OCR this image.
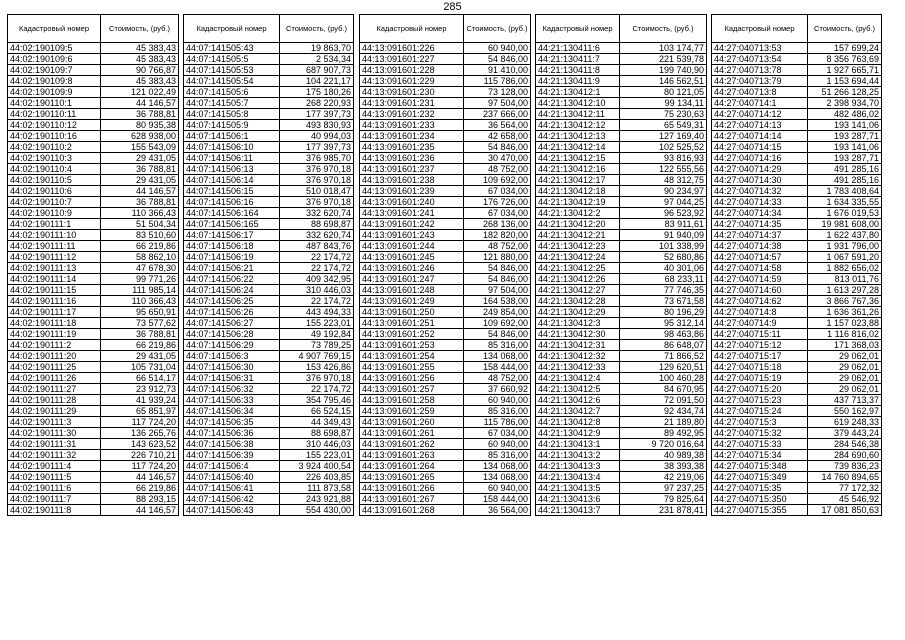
285
Кадастровый номер	Стоимость, (руб.)
44:02:190109:5	45 383,43
44:02:190109:6	45 383,43
44:02:190109:7	90 766,87
44:02:190109:8	45 383,43
44:02:190109:9	121 022,49
44:02:190110:1	44 146,57
44:02:190110:11	36 788,81
44:02:190110:12	80 935,38
44:02:190110:16	628 938,00
44:02:190110:2	155 543,09
44:02:190110:3	29 431,05
44:02:190110:4	36 788,81
44:02:190110:5	29 431,05
44:02:190110:6	44 146,57
44:02:190110:7	36 788,81
44:02:190110:9	110 366,43
44:02:190111:1	51 504,34
44:02:190111:10	83 510,60
44:02:190111:11	66 219,86
44:02:190111:12	58 862,10
44:02:190111:13	47 678,30
44:02:190111:14	99 771,26
44:02:190111:15	111 985,14
44:02:190111:16	110 366,43
44:02:190111:17	95 650,91
44:02:190111:18	73 577,62
44:02:190111:19	36 788,81
44:02:190111:2	66 219,86
44:02:190111:20	29 431,05
44:02:190111:25	105 731,04
44:02:190111:26	66 514,17
44:02:190111:27	23 912,73
44:02:190111:28	41 939,24
44:02:190111:29	65 851,97
44:02:190111:3	117 724,20
44:02:190111:30	136 265,76
44:02:190111:31	143 623,52
44:02:190111:32	226 710,21
44:02:190111:4	117 724,20
44:02:190111:5	44 146,57
44:02:190111:6	66 219,86
44:02:190111:7	88 293,15
44:02:190111:8	44 146,57
Кадастровый номер	Стоимость, (руб.)
44:07:141505:43	19 863,70
44:07:141505:5	2 534,34
44:07:141505:53	687 907,73
44:07:141505:54	104 221,17
44:07:141505:6	175 180,26
44:07:141505:7	268 220,93
44:07:141505:8	177 397,73
44:07:141505:9	493 830,93
44:07:141506:1	40 994,03
44:07:141506:10	177 397,73
44:07:141506:11	376 985,70
44:07:141506:13	376 970,18
44:07:141506:14	376 970,18
44:07:141506:15	510 018,47
44:07:141506:16	376 970,18
44:07:141506:164	332 620,74
44:07:141506:165	88 698,87
44:07:141506:17	332 620,74
44:07:141506:18	487 843,76
44:07:141506:19	22 174,72
44:07:141506:21	22 174,72
44:07:141506:22	409 342,95
44:07:141506:24	310 446,03
44:07:141506:25	22 174,72
44:07:141506:26	443 494,33
44:07:141506:27	155 223,01
44:07:141506:28	49 192,84
44:07:141506:29	73 789,25
44:07:141506:3	4 907 769,15
44:07:141506:30	153 426,86
44:07:141506:31	376 970,18
44:07:141506:32	22 174,72
44:07:141506:33	354 795,46
44:07:141506:34	66 524,15
44:07:141506:35	44 349,43
44:07:141506:36	88 698,87
44:07:141506:38	310 446,03
44:07:141506:39	155 223,01
44:07:141506:4	3 924 400,54
44:07:141506:40	226 403,85
44:07:141506:41	111 873,58
44:07:141506:42	243 921,88
44:07:141506:43	554 430,00
Кадастровый номер	Стоимость, (руб.)
44:13:091601:226	60 940,00
44:13:091601:227	54 846,00
44:13:091601:228	91 410,00
44:13:091601:229	115 786,00
44:13:091601:230	73 128,00
44:13:091601:231	97 504,00
44:13:091601:232	237 666,00
44:13:091601:233	36 564,00
44:13:091601:234	42 658,00
44:13:091601:235	54 846,00
44:13:091601:236	30 470,00
44:13:091601:237	48 752,00
44:13:091601:238	109 692,00
44:13:091601:239	67 034,00
44:13:091601:240	176 726,00
44:13:091601:241	67 034,00
44:13:091601:242	268 136,00
44:13:091601:243	182 820,00
44:13:091601:244	48 752,00
44:13:091601:245	121 880,00
44:13:091601:246	54 846,00
44:13:091601:247	54 846,00
44:13:091601:248	97 504,00
44:13:091601:249	164 538,00
44:13:091601:250	249 854,00
44:13:091601:251	109 692,00
44:13:091601:252	54 846,00
44:13:091601:253	85 316,00
44:13:091601:254	134 068,00
44:13:091601:255	158 444,00
44:13:091601:256	48 752,00
44:13:091601:257	37 660,92
44:13:091601:258	60 940,00
44:13:091601:259	85 316,00
44:13:091601:260	115 786,00
44:13:091601:261	67 034,00
44:13:091601:262	60 940,00
44:13:091601:263	85 316,00
44:13:091601:264	134 068,00
44:13:091601:265	134 068,00
44:13:091601:266	60 940,00
44:13:091601:267	158 444,00
44:13:091601:268	36 564,00
Кадастровый номер	Стоимость, (руб.)
44:21:130411:6	103 174,77
44:21:130411:7	221 539,78
44:21:130411:8	199 740,90
44:21:130411:9	146 562,51
44:21:130412:1	80 121,05
44:21:130412:10	99 134,11
44:21:130412:11	75 230,63
44:21:130412:12	65 549,31
44:21:130412:13	127 169,40
44:21:130412:14	102 525,52
44:21:130412:15	93 816,93
44:21:130412:16	122 555,56
44:21:130412:17	48 312,75
44:21:130412:18	90 234,97
44:21:130412:19	97 044,25
44:21:130412:2	96 523,92
44:21:130412:20	83 911,61
44:21:130412:21	91 940,09
44:21:130412:23	101 338,99
44:21:130412:24	52 680,86
44:21:130412:25	40 301,06
44:21:130412:26	68 233,11
44:21:130412:27	77 746,35
44:21:130412:28	73 671,58
44:21:130412:29	80 196,29
44:21:130412:3	95 312,14
44:21:130412:30	98 463,86
44:21:130412:31	86 648,07
44:21:130412:32	71 866,52
44:21:130412:33	129 620,51
44:21:130412:4	100 460,28
44:21:130412:5	84 670,95
44:21:130412:6	72 091,50
44:21:130412:7	92 434,74
44:21:130412:8	21 189,80
44:21:130412:9	89 492,95
44:21:130413:1	9 720 016,64
44:21:130413:2	40 989,38
44:21:130413:3	38 393,38
44:21:130413:4	42 219,06
44:21:130413:5	97 237,25
44:21:130413:6	79 825,64
44:21:130413:7	231 878,41
Кадастровый номер	Стоимость, (руб.)
44:27:040713:53	157 699,24
44:27:040713:54	8 356 763,69
44:27:040713:78	1 927 665,71
44:27:040713:79	1 153 694,44
44:27:040713:8	51 266 128,25
44:27:040714:1	2 398 934,70
44:27:040714:12	482 486,02
44:27:040714:13	193 141,06
44:27:040714:14	193 287,71
44:27:040714:15	193 141,06
44:27:040714:16	193 287,71
44:27:040714:29	491 285,16
44:27:040714:30	491 285,16
44:27:040714:32	1 783 408,64
44:27:040714:33	1 634 335,55
44:27:040714:34	1 676 019,53
44:27:040714:35	19 981 608,00
44:27:040714:37	1 622 437,80
44:27:040714:38	1 931 796,00
44:27:040714:57	1 067 591,20
44:27:040714:58	1 882 656,02
44:27:040714:59	813 011,76
44:27:040714:60	1 613 297,28
44:27:040714:62	3 866 767,36
44:27:040714:8	1 636 361,26
44:27:040714:9	1 157 023,88
44:27:040715:11	1 116 816,02
44:27:040715:12	171 368,03
44:27:040715:17	29 062,01
44:27:040715:18	29 062,01
44:27:040715:19	29 062,01
44:27:040715:20	29 062,01
44:27:040715:23	437 713,37
44:27:040715:24	550 162,97
44:27:040715:3	619 248,33
44:27:040715:32	379 443,24
44:27:040715:33	284 546,38
44:27:040715:34	284 690,60
44:27:040715:348	739 836,23
44:27:040715:349	14 760 894,65
44:27:040715:35	77 172,32
44:27:040715:350	45 546,92
44:27:040715:355	17 081 850,63
